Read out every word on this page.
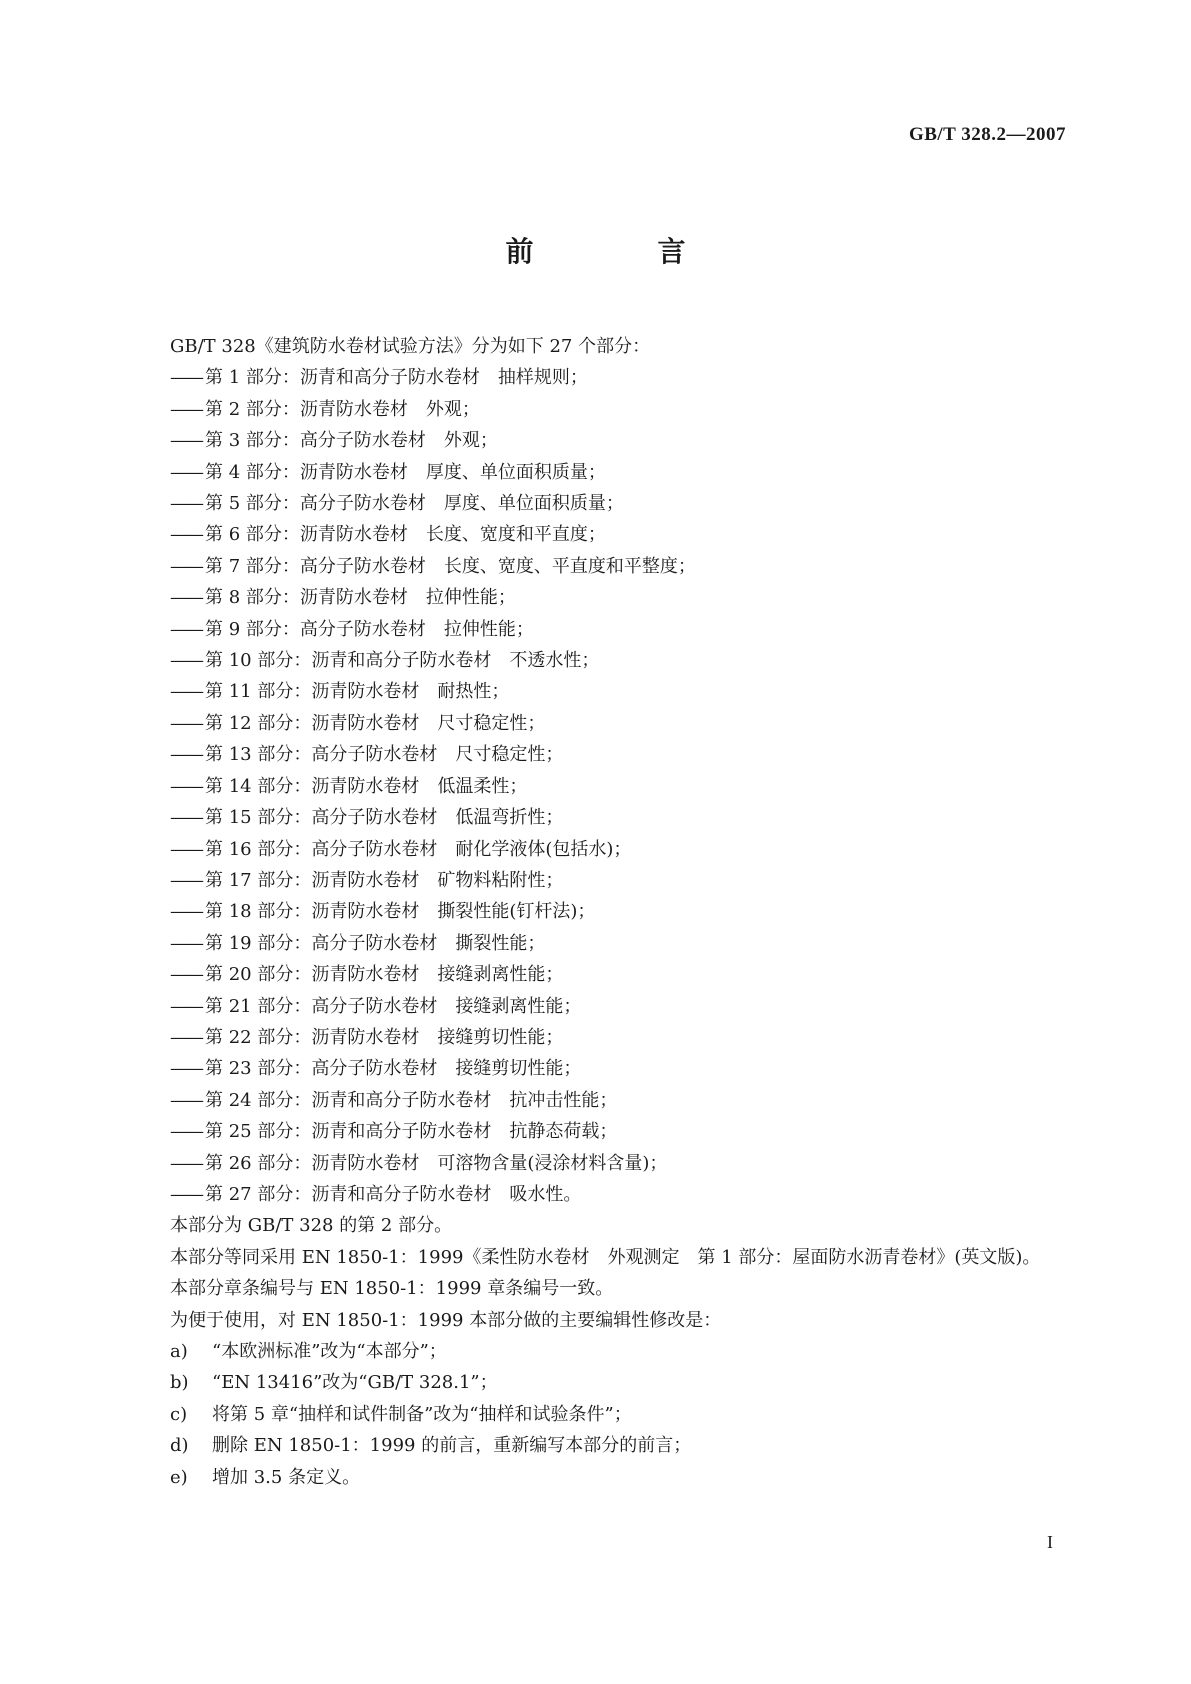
GB/T 328.2—2007

前　言

GB/T 328《建筑防水卷材试验方法》分为如下 27 个部分：

—— 第 1 部分：沥青和高分子防水卷材　抽样规则；

—— 第 2 部分：沥青防水卷材　外观；

—— 第 3 部分：高分子防水卷材　外观；

—— 第 4 部分：沥青防水卷材　厚度、单位面积质量；

—— 第 5 部分：高分子防水卷材　厚度、单位面积质量；

—— 第 6 部分：沥青防水卷材　长度、宽度和平直度；

—— 第 7 部分：高分子防水卷材　长度、宽度、平直度和平整度；

—— 第 8 部分：沥青防水卷材　拉伸性能；

—— 第 9 部分：高分子防水卷材　拉伸性能；

—— 第 10 部分：沥青和高分子防水卷材　不透水性；

—— 第 11 部分：沥青防水卷材　耐热性；

—— 第 12 部分：沥青防水卷材　尺寸稳定性；

—— 第 13 部分：高分子防水卷材　尺寸稳定性；

—— 第 14 部分：沥青防水卷材　低温柔性；

—— 第 15 部分：高分子防水卷材　低温弯折性；

—— 第 16 部分：高分子防水卷材　耐化学液体(包括水)；

—— 第 17 部分：沥青防水卷材　矿物料粘附性；

—— 第 18 部分：沥青防水卷材　撕裂性能(钉杆法)；

—— 第 19 部分：高分子防水卷材　撕裂性能；

—— 第 20 部分：沥青防水卷材　接缝剥离性能；

—— 第 21 部分：高分子防水卷材　接缝剥离性能；

—— 第 22 部分：沥青防水卷材　接缝剪切性能；

—— 第 23 部分：高分子防水卷材　接缝剪切性能；

—— 第 24 部分：沥青和高分子防水卷材　抗冲击性能；

—— 第 25 部分：沥青和高分子防水卷材　抗静态荷载；

—— 第 26 部分：沥青防水卷材　可溶物含量(浸涂材料含量)；

—— 第 27 部分：沥青和高分子防水卷材　吸水性。

本部分为 GB/T 328 的第 2 部分。

本部分等同采用 EN 1850-1：1999《柔性防水卷材　外观测定　第 1 部分：屋面防水沥青卷材》(英文版)。

本部分章条编号与 EN 1850-1：1999 章条编号一致。

为便于使用，对 EN 1850-1：1999 本部分做的主要编辑性修改是：

a) “本欧洲标准”改为“本部分”；

b) “EN 13416”改为“GB/T 328.1”；

c) 将第 5 章“抽样和试件制备”改为“抽样和试验条件”；

d) 删除 EN 1850-1：1999 的前言，重新编写本部分的前言；

e) 增加 3.5 条定义。

I
